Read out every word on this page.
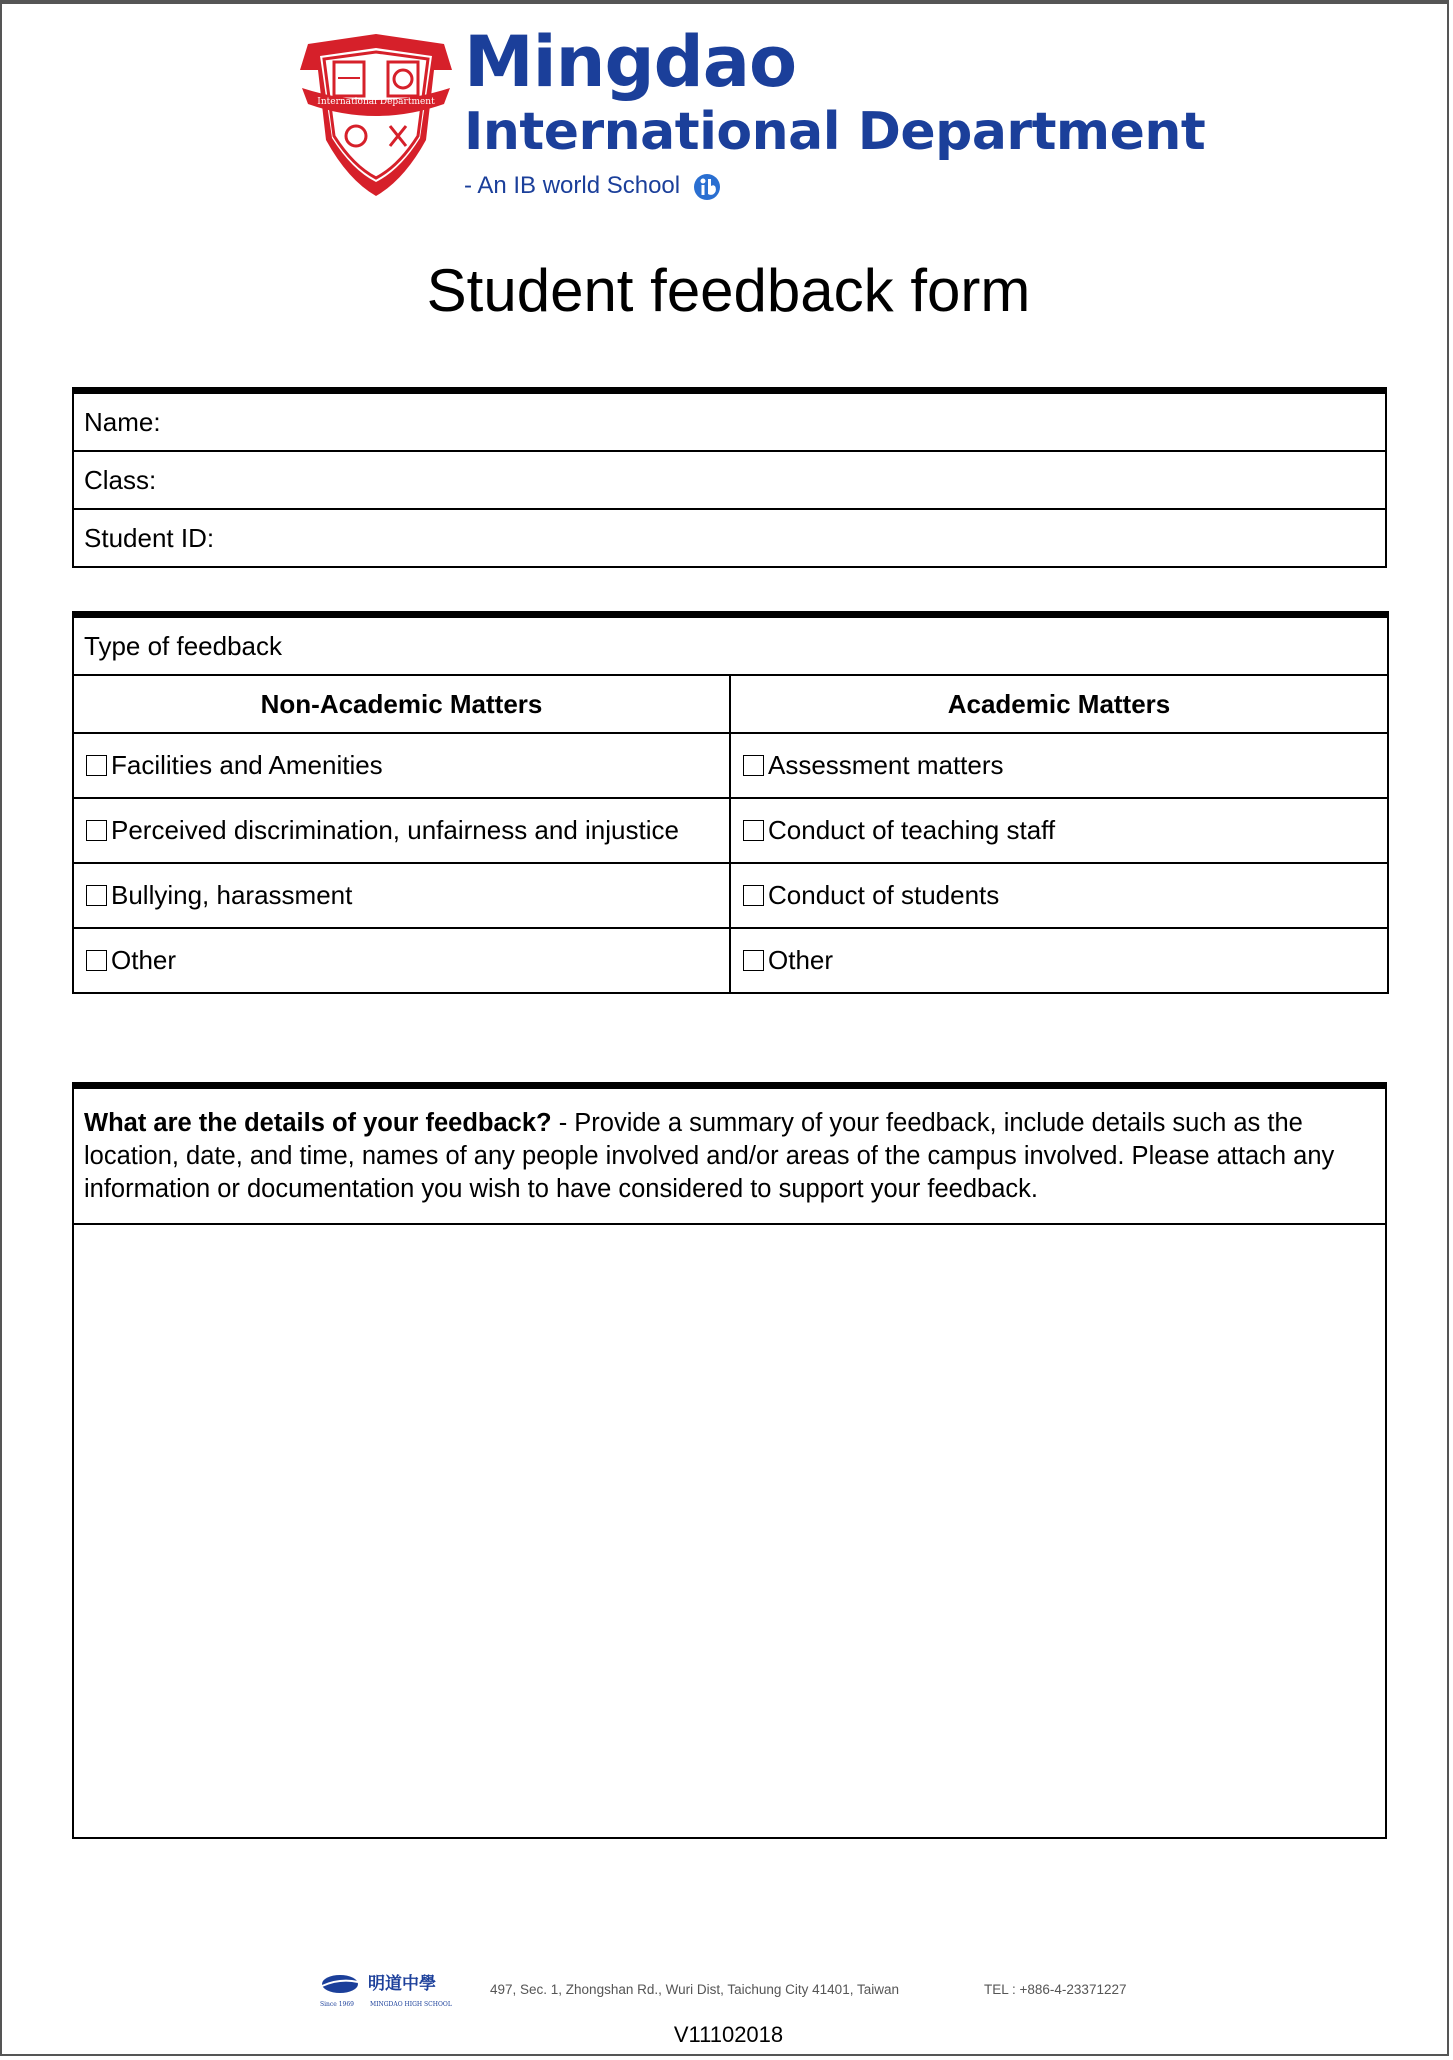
International Department Mingdao
International Department
- An IB world School
Student feedback form
Name:
Class:
Student ID:
Type of feedback	
Non-Academic Matters	Academic Matters
Facilities and Amenities	Assessment matters
Perceived discrimination, unfairness and injustice	Conduct of teaching staff
Bullying, harassment	Conduct of students
Other	Other
What are the details of your feedback? - Provide a summary of your feedback, include details such as the location, date, and time, names of any people involved and/or areas of the campus involved. Please attach any information or documentation you wish to have considered to support your feedback.

明道中學
Since 1969	MINGDAO HIGH SCHOOL
497, Sec. 1, Zhongshan Rd., Wuri Dist, Taichung City 41401, Taiwan	TEL : +886-4-23371227
V11102018
